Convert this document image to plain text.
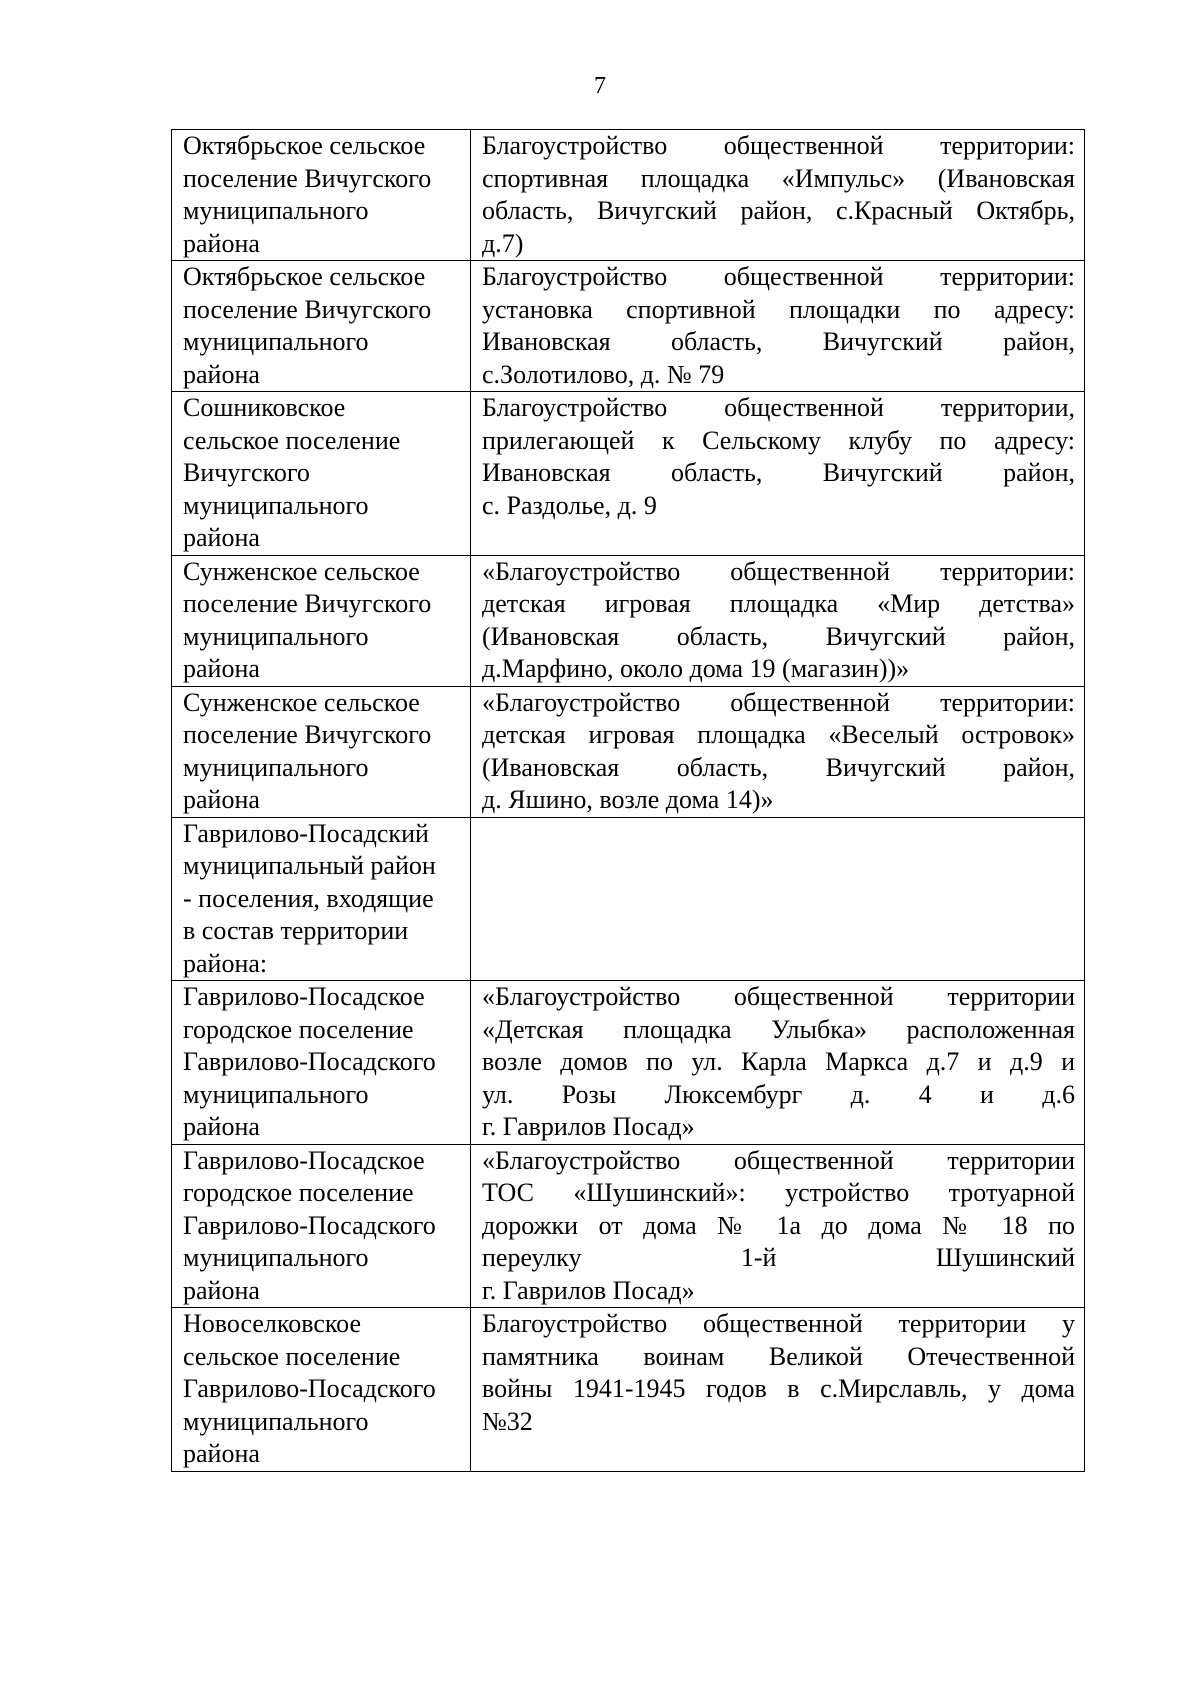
7
Октябрьское сельское
поселение Вичугского
муниципального
района	Благоустройство общественной территории:
спортивная площадка «Импульс» (Ивановская
область, Вичугский район, с.Красный Октябрь,
д.7)

Октябрьское сельское
поселение Вичугского
муниципального
района	Благоустройство общественной территории:
установка спортивной площадки по адресу:
Ивановская область, Вичугский район,
с.Золотилово, д. № 79

Сошниковское
сельское поселение
Вичугского
муниципального
района	Благоустройство общественной территории,
прилегающей к Сельскому клубу по адресу:
Ивановская область, Вичугский район,
с. Раздолье, д. 9

Сунженское сельское
поселение Вичугского
муниципального
района	«Благоустройство общественной территории:
детская игровая площадка «Мир детства»
(Ивановская область, Вичугский район,
д.Марфино, около дома 19 (магазин))»

Сунженское сельское
поселение Вичугского
муниципального
района	«Благоустройство общественной территории:
детская игровая площадка «Веселый островок»
(Ивановская область, Вичугский район,
д. Яшино, возле дома 14)»

Гаврилово-Посадский
муниципальный район
- поселения, входящие
в состав территории
района:	

Гаврилово-Посадское
городское поселение
Гаврилово-Посадского
муниципального
района	«Благоустройство общественной территории
«Детская площадка Улыбка» расположенная
возле домов по ул. Карла Маркса д.7 и д.9 и
ул. Розы Люксембург д. 4 и д.6
г. Гаврилов Посад»

Гаврилово-Посадское
городское поселение
Гаврилово-Посадского
муниципального
района	«Благоустройство общественной территории
ТОС «Шушинский»: устройство тротуарной
дорожки от дома № 1а до дома № 18 по
переулку 1-й Шушинский
г. Гаврилов Посад»

Новоселковское
сельское поселение
Гаврилово-Посадского
муниципального
района	Благоустройство общественной территории у
памятника воинам Великой Отечественной
войны 1941-1945 годов в с.Мирславль, у дома
№32
